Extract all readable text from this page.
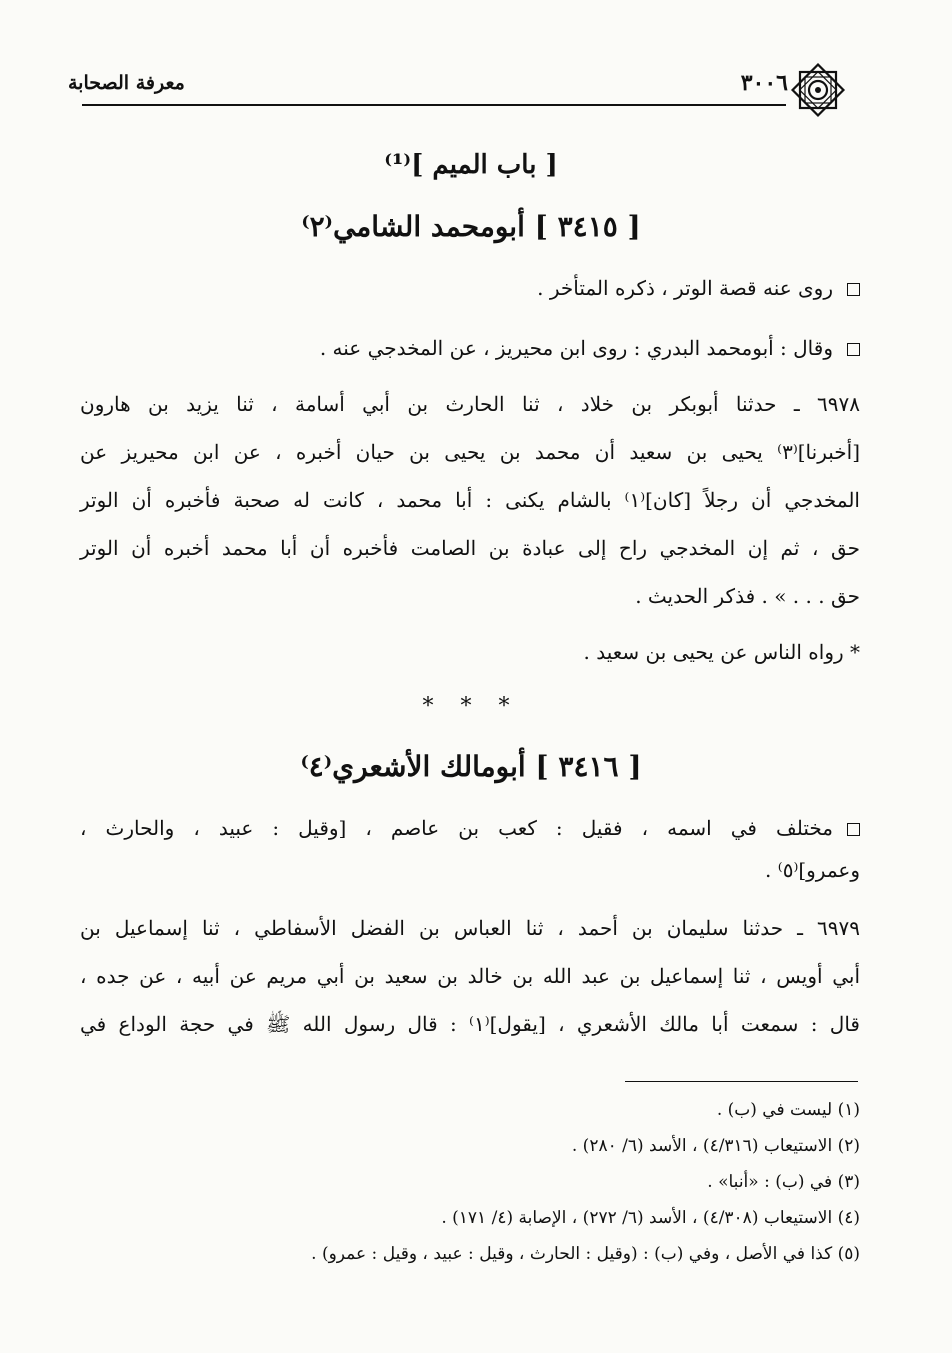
٣٠٠٦
معرفة الصحابة
[ باب الميم ]⁽¹⁾
[ ٣٤١٥ ] أبومحمد الشامي⁽٢⁾
روى عنه قصة الوتر ، ذكره المتأخر .
وقال : أبومحمد البدري : روى ابن محيريز ، عن المخدجي عنه .
٦٩٧٨ ـ حدثنا أبوبكر بن خلاد ، ثنا الحارث بن أبي أسامة ، ثنا يزيد بن هارون
[أخبرنا]⁽٣⁾ يحيى بن سعيد أن محمد بن يحيى بن حيان أخبره ، عن ابن محيريز عن
المخدجي أن رجلاً [كان]⁽١⁾ بالشام يكنى : أبا محمد ، كانت له صحبة فأخبره أن الوتر
حق ، ثم إن المخدجي راح إلى عبادة بن الصامت فأخبره أن أبا محمد أخبره أن الوتر
حق . . . » . فذكر الحديث .
* رواه الناس عن يحيى بن سعيد .
* * *
[ ٣٤١٦ ] أبومالك الأشعري⁽٤⁾
مختلف في اسمه ، فقيل : كعب بن عاصم ، [وقيل : عبيد ، والحارث ،
وعمرو]⁽٥⁾ .
٦٩٧٩ ـ حدثنا سليمان بن أحمد ، ثنا العباس بن الفضل الأسفاطي ، ثنا إسماعيل بن
أبي أويس ، ثنا إسماعيل بن عبد الله بن خالد بن سعيد بن أبي مريم عن أبيه ، عن جده ،
قال : سمعت أبا مالك الأشعري ، [يقول]⁽١⁾ : قال رسول الله ﷺ في حجة الوداع في
(١) ليست في (ب) .
(٢) الاستيعاب (٤/٣١٦) ، الأسد (٦/ ٢٨٠) .
(٣) في (ب) : «أنبا» .
(٤) الاستيعاب (٤/٣٠٨) ، الأسد (٦/ ٢٧٢) ، الإصابة (٤/ ١٧١) .
(٥) كذا في الأصل ، وفي (ب) : (وقيل : الحارث ، وقيل : عبيد ، وقيل : عمرو) .
